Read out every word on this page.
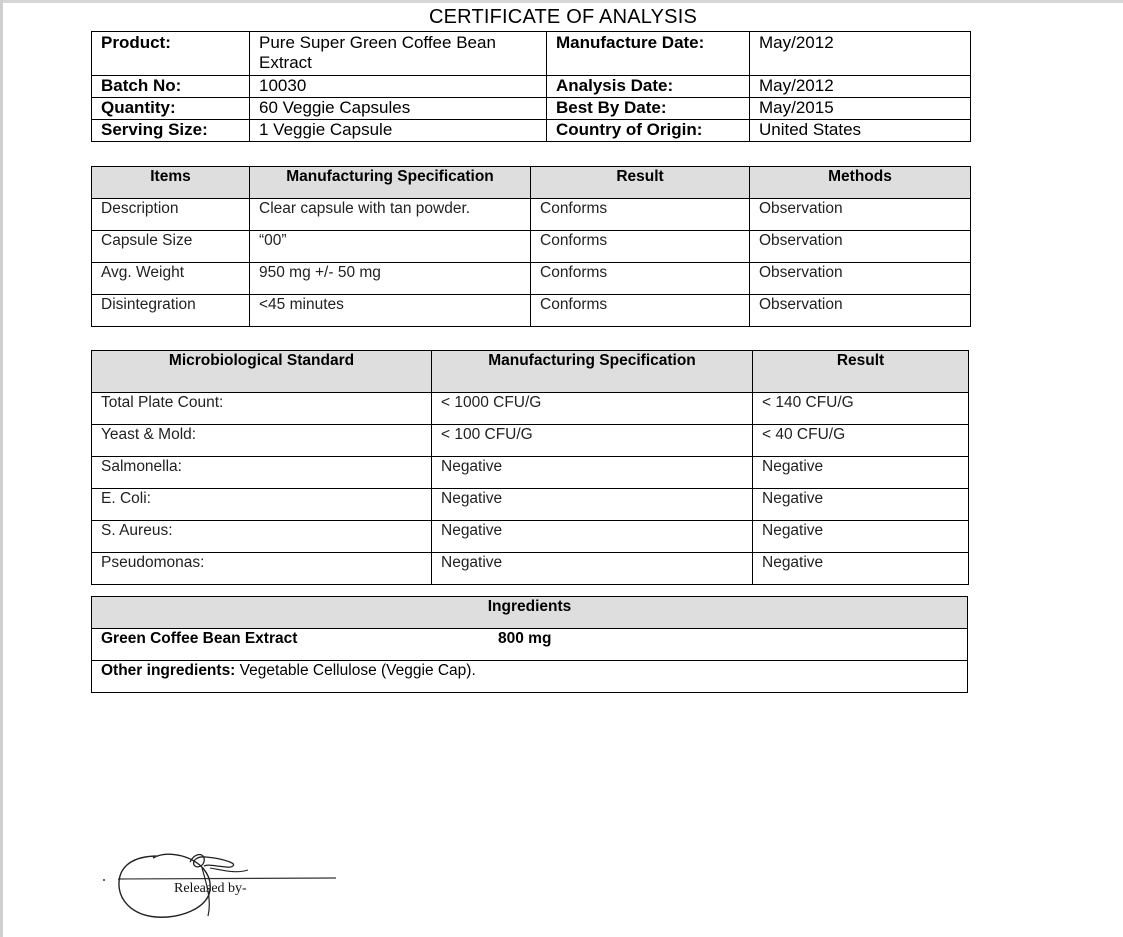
CERTIFICATE OF ANALYSIS
Product:	Pure Super Green Coffee Bean Extract	Manufacture Date:	May/2012
Batch No:	10030	Analysis Date:	May/2012
Quantity:	60 Veggie Capsules	Best By Date:	May/2015
Serving Size:	1 Veggie Capsule	Country of Origin:	United States
Items	Manufacturing Specification	Result	Methods
Description	Clear capsule with tan powder.	Conforms	Observation
Capsule Size	“00”	Conforms	Observation
Avg. Weight	950 mg +/- 50 mg	Conforms	Observation
Disintegration	<45 minutes	Conforms	Observation
Microbiological Standard	Manufacturing Specification	Result
Total Plate Count:	< 1000 CFU/G	< 140 CFU/G
Yeast & Mold:	< 100 CFU/G	< 40 CFU/G
Salmonella:	Negative	Negative
E. Coli:	Negative	Negative
S. Aureus:	Negative	Negative
Pseudomonas:	Negative	Negative
Ingredients
Green Coffee Bean Extract	800 mg
Other ingredients: Vegetable Cellulose (Veggie Cap).
Released by-
